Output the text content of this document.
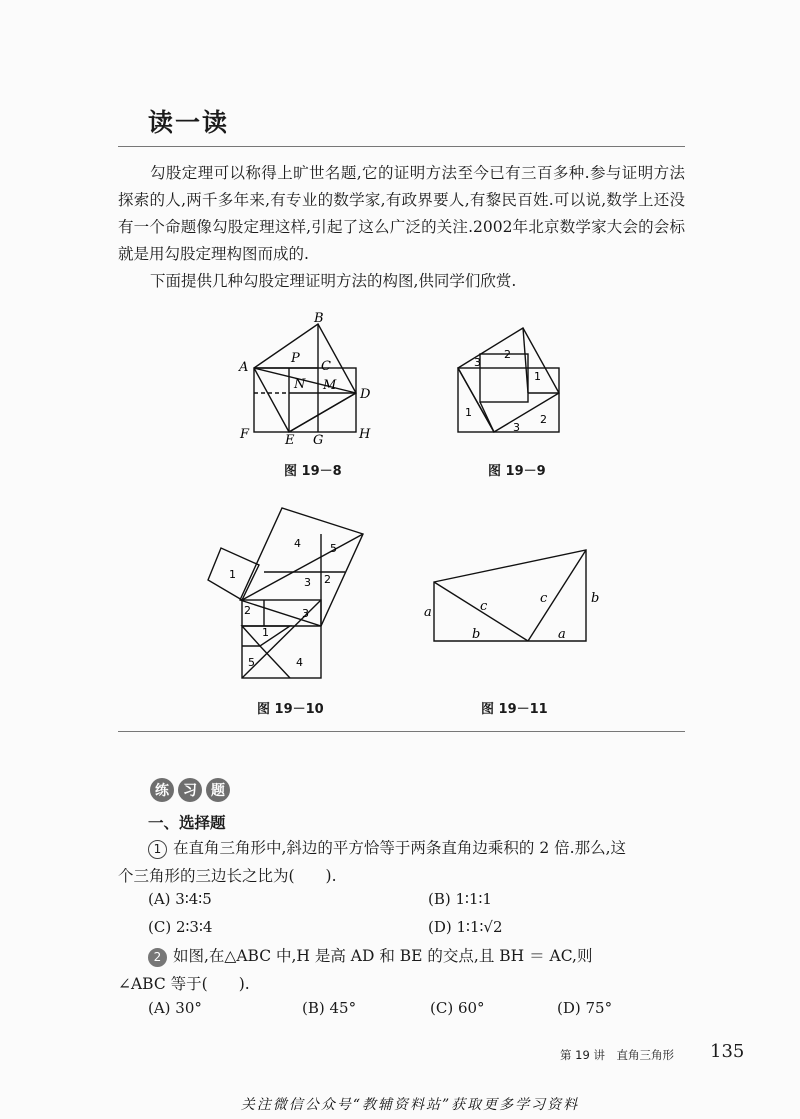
读一读
勾股定理可以称得上旷世名题,它的证明方法至今已有三百多种.参与证明方法探索的人,两千多年来,有专业的数学家,有政界要人,有黎民百姓.可以说,数学上还没有一个命题像勾股定理这样,引起了这么广泛的关注.2002年北京数学家大会的会标就是用勾股定理构图而成的.
下面提供几种勾股定理证明方法的构图,供同学们欣赏.
B
A
P
C
N M
D
F	E G	H
图 19－8
3
2
1
1
2
3
图 19－9
4	5
1
3 2
2	3
1
5	4
图 19－10
a	c
c	b
b	a
图 19－11
练	习	题
一、选择题
1 在直角三角形中,斜边的平方恰等于两条直角边乘积的 2 倍.那么,这
个三角形的三边长之比为(　　).
(A) 3∶4∶5	(B) 1∶1∶1
(C) 2∶3∶4	(D) 1∶1∶√2
2 如图,在△ABC 中,H 是高 AD 和 BE 的交点,且 BH ＝ AC,则
∠ABC 等于(　　).
(A) 30°	(B) 45°	(C) 60°	(D) 75°
第 19 讲　直角三角形 135
关注微信公众号“教辅资料站”获取更多学习资料
